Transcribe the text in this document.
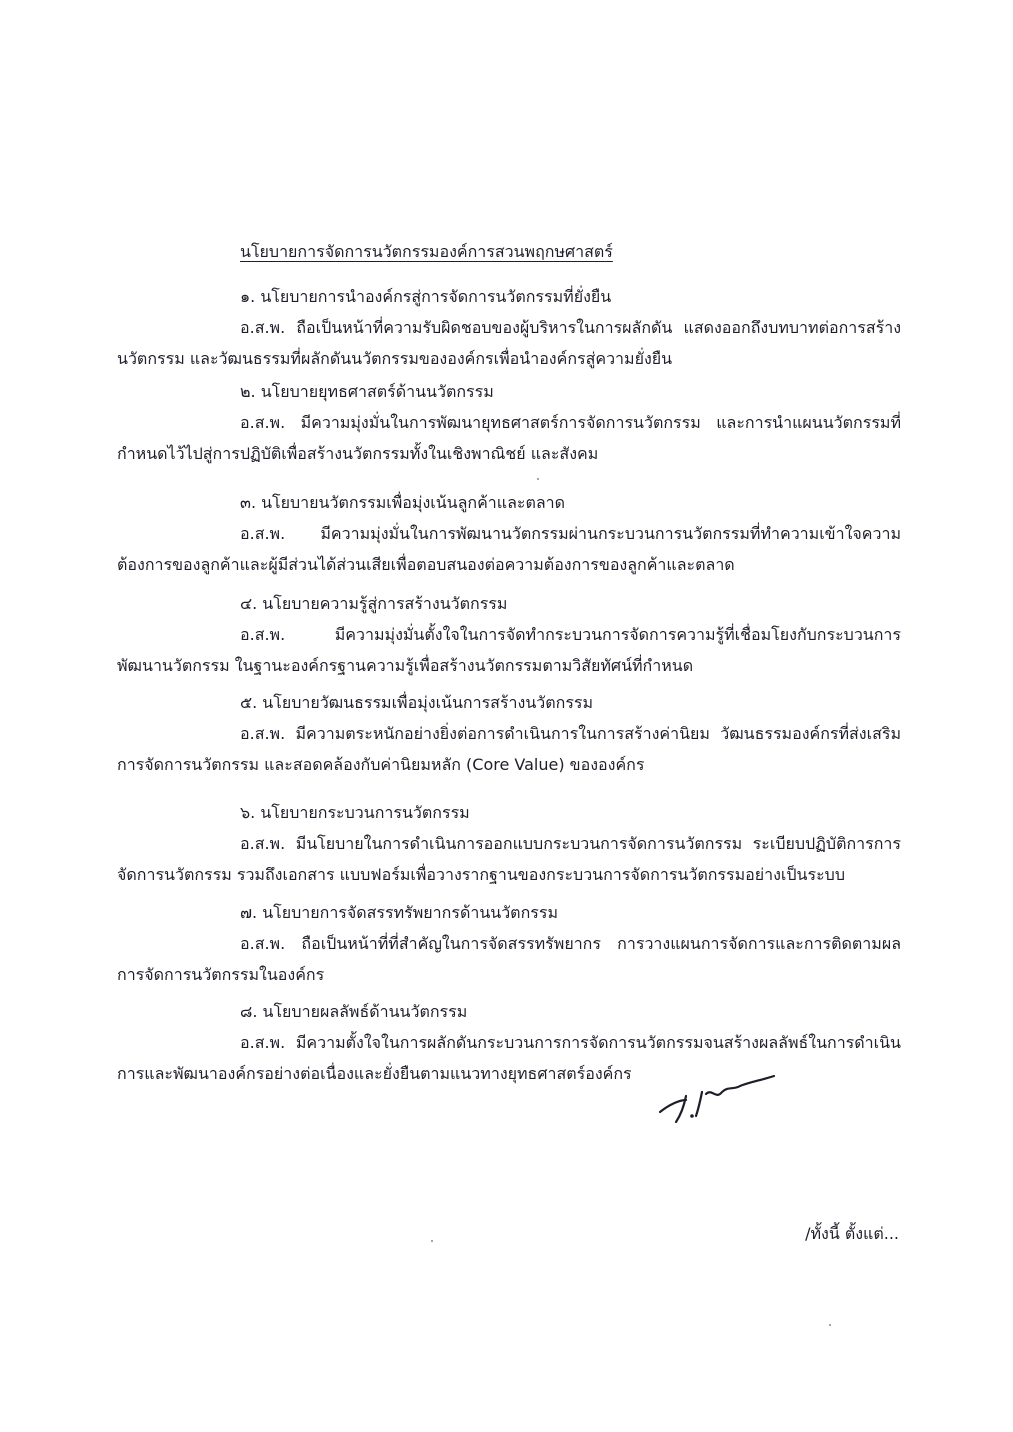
นโยบายการจัดการนวัตกรรมองค์การสวนพฤกษศาสตร์
๑. นโยบายการนำองค์กรสู่การจัดการนวัตกรรมที่ยั่งยืน
อ.ส.พ. ถือเป็นหน้าที่ความรับผิดชอบของผู้บริหารในการผลักดัน แสดงออกถึงบทบาทต่อการสร้างนวัตกรรม และวัฒนธรรมที่ผลักดันนวัตกรรมขององค์กรเพื่อนำองค์กรสู่ความยั่งยืน
๒. นโยบายยุทธศาสตร์ด้านนวัตกรรม
อ.ส.พ. มีความมุ่งมั่นในการพัฒนายุทธศาสตร์การจัดการนวัตกรรม และการนำแผนนวัตกรรมที่กำหนดไว้ไปสู่การปฏิบัติเพื่อสร้างนวัตกรรมทั้งในเชิงพาณิชย์ และสังคม
๓. นโยบายนวัตกรรมเพื่อมุ่งเน้นลูกค้าและตลาด
อ.ส.พ. มีความมุ่งมั่นในการพัฒนานวัตกรรมผ่านกระบวนการนวัตกรรมที่ทำความเข้าใจความต้องการของลูกค้าและผู้มีส่วนได้ส่วนเสียเพื่อตอบสนองต่อความต้องการของลูกค้าและตลาด
๔. นโยบายความรู้สู่การสร้างนวัตกรรม
อ.ส.พ. มีความมุ่งมั่นตั้งใจในการจัดทำกระบวนการจัดการความรู้ที่เชื่อมโยงกับกระบวนการพัฒนานวัตกรรม ในฐานะองค์กรฐานความรู้เพื่อสร้างนวัตกรรมตามวิสัยทัศน์ที่กำหนด
๕. นโยบายวัฒนธรรมเพื่อมุ่งเน้นการสร้างนวัตกรรม
อ.ส.พ. มีความตระหนักอย่างยิ่งต่อการดำเนินการในการสร้างค่านิยม วัฒนธรรมองค์กรที่ส่งเสริมการจัดการนวัตกรรม และสอดคล้องกับค่านิยมหลัก (Core Value) ขององค์กร
๖. นโยบายกระบวนการนวัตกรรม
อ.ส.พ. มีนโยบายในการดำเนินการออกแบบกระบวนการจัดการนวัตกรรม ระเบียบปฏิบัติการการจัดการนวัตกรรม รวมถึงเอกสาร แบบฟอร์มเพื่อวางรากฐานของกระบวนการจัดการนวัตกรรมอย่างเป็นระบบ
๗. นโยบายการจัดสรรทรัพยากรด้านนวัตกรรม
อ.ส.พ. ถือเป็นหน้าที่ที่สำคัญในการจัดสรรทรัพยากร การวางแผนการจัดการและการติดตามผลการจัดการนวัตกรรมในองค์กร
๘. นโยบายผลลัพธ์ด้านนวัตกรรม
อ.ส.พ. มีความตั้งใจในการผลักดันกระบวนการการจัดการนวัตกรรมจนสร้างผลลัพธ์ในการดำเนินการและพัฒนาองค์กรอย่างต่อเนื่องและยั่งยืนตามแนวทางยุทธศาสตร์องค์กร
/ทั้งนี้ ตั้งแต่...
